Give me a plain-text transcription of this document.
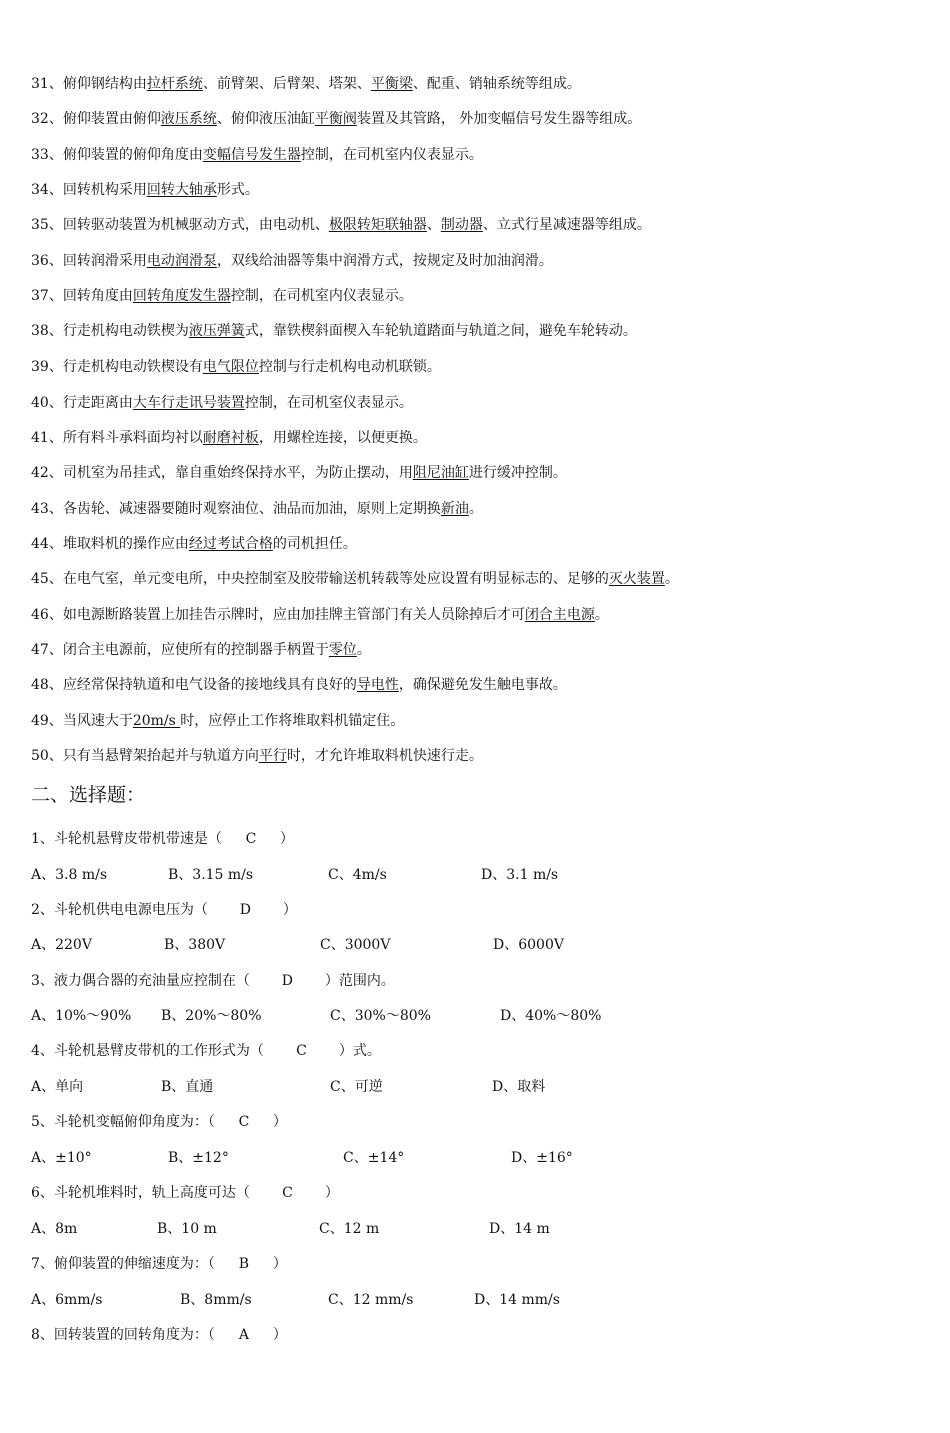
31、俯仰钢结构由拉杆系统、前臂架、后臂架、塔架、平衡梁、配重、销轴系统等组成。
32、俯仰装置由俯仰液压系统、俯仰液压油缸平衡阀装置及其管路， 外加变幅信号发生器等组成。
33、俯仰装置的俯仰角度由变幅信号发生器控制，在司机室内仪表显示。
34、回转机构采用回转大轴承形式。
35、回转驱动装置为机械驱动方式，由电动机、极限转矩联轴器、制动器、立式行星减速器等组成。
36、回转润滑采用电动润滑泵，双线给油器等集中润滑方式，按规定及时加油润滑。
37、回转角度由回转角度发生器控制，在司机室内仪表显示。
38、行走机构电动铁楔为液压弹簧式，靠铁楔斜面楔入车轮轨道踏面与轨道之间，避免车轮转动。
39、行走机构电动铁楔设有电气限位控制与行走机构电动机联锁。
40、行走距离由大车行走讯号装置控制，在司机室仪表显示。
41、所有料斗承料面均衬以耐磨衬板，用螺栓连接，以便更换。
42、司机室为吊挂式，靠自重始终保持水平，为防止摆动，用阻尼油缸进行缓冲控制。
43、各齿轮、减速器要随时观察油位、油品而加油，原则上定期换新油。
44、堆取料机的操作应由经过考试合格的司机担任。
45、在电气室，单元变电所，中央控制室及胶带输送机转载等处应设置有明显标志的、足够的灭火装置。
46、如电源断路装置上加挂告示牌时，应由加挂牌主管部门有关人员除掉后才可闭合主电源。
47、闭合主电源前，应使所有的控制器手柄置于零位。
48、应经常保持轨道和电气设备的接地线具有良好的导电性，确保避免发生触电事故。
49、当风速大于20m/s 时，应停止工作将堆取料机锚定住。
50、只有当悬臂架抬起并与轨道方向平行时，才允许堆取料机快速行走。
二、选择题：
1、斗轮机悬臂皮带机带速是（ C ）
A、3.8 m/s	B、3.15 m/s	C、4m/s	D、3.1 m/s
2、斗轮机供电电源电压为（ D ）
A、220V	B、380V	C、3000V	D、6000V
3、液力偶合器的充油量应控制在（ D ）范围内。
A、10%～90% B、20%～80%	C、30%～80%	D、40%～80%
4、斗轮机悬臂皮带机的工作形式为（ C ）式。
A、单向	B、直通	C、可逆	D、取料
5、斗轮机变幅俯仰角度为：（ C ）
A、±10°	B、±12°	C、±14°	D、±16°
6、斗轮机堆料时，轨上高度可达（ C ）
A、8m	B、10 m	C、12 m	D、14 m
7、俯仰装置的伸缩速度为：（ B ）
A、6mm/s	B、8mm/s	C、12 mm/s	D、14 mm/s
8、回转装置的回转角度为：（ A ）
